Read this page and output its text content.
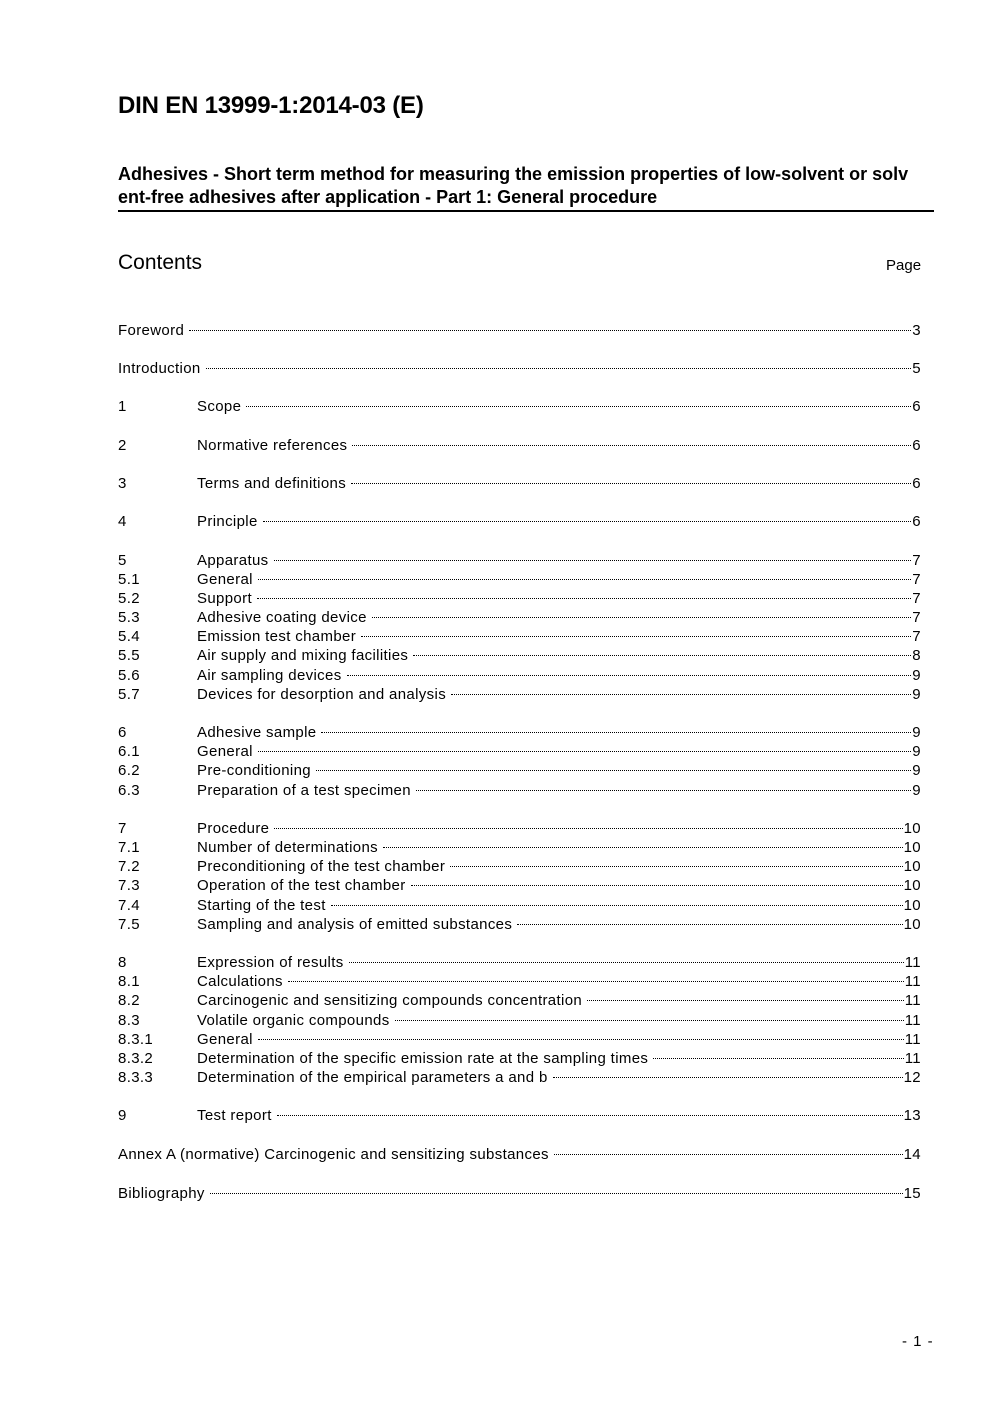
DIN EN 13999-1:2014-03 (E)
Adhesives - Short term method for measuring the emission properties of low-solvent or solv ent-free adhesives after application - Part 1: General procedure
Contents	Page
Foreword	3
Introduction	5
1	Scope	6
2	Normative references	6
3	Terms and definitions	6
4	Principle	6
5	Apparatus	7
5.1	General	7
5.2	Support	7
5.3	Adhesive coating device	7
5.4	Emission test chamber	7
5.5	Air supply and mixing facilities	8
5.6	Air sampling devices	9
5.7	Devices for desorption and analysis	9
6	Adhesive sample	9
6.1	General	9
6.2	Pre-conditioning	9
6.3	Preparation of a test specimen	9
7	Procedure	10
7.1	Number of determinations	10
7.2	Preconditioning of the test chamber	10
7.3	Operation of the test chamber	10
7.4	Starting of the test	10
7.5	Sampling and analysis of emitted substances	10
8	Expression of results	11
8.1	Calculations	11
8.2	Carcinogenic and sensitizing compounds concentration	11
8.3	Volatile organic compounds	11
8.3.1	General	11
8.3.2	Determination of the specific emission rate at the sampling times	11
8.3.3	Determination of the empirical parameters a and b	12
9	Test report	13
Annex A (normative) Carcinogenic and sensitizing substances	14
Bibliography	15
- 1 -
